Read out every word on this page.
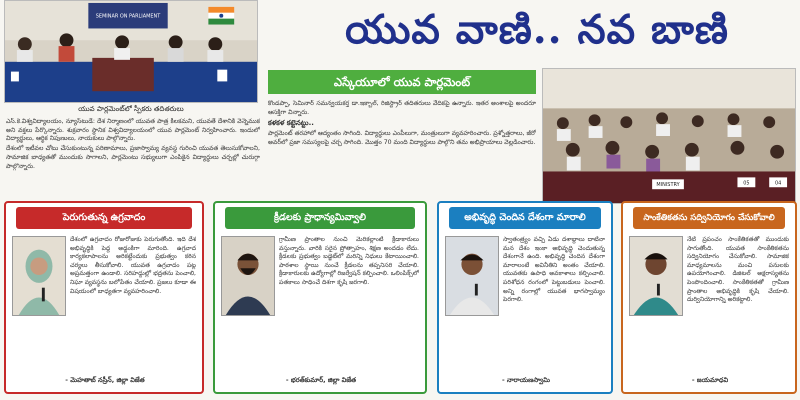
SEMINAR ON PARLIAMENT
యువ పార్లమెంట్‌లో స్పీకరు తదితరులు
యువ వాణి.. నవ బాణి
ఎస్కేయూలో యువ పార్లమెంట్
MINISTRY	05	04

ఎస్.కె.విశ్వవిద్యాలయం, న్యూస్‌టుడే: దేశ నిర్మాణంలో యువత పాత్ర కీలకమని, యువతే దేశానికి వెన్నెముక అని వక్తలు పేర్కొన్నారు. శుక్రవారం స్థానిక విశ్వవిద్యాలయంలో యువ పార్లమెంట్ నిర్వహించారు. ఇందులో విద్యార్థులు, ఆర్థిక నిపుణులు, నాయకులు పాల్గొన్నారు.

దేశంలో ఇటీవల చోటు చేసుకుంటున్న పరిణామాలు, ప్రజాస్వామ్య వ్యవస్థ గురించి యువత తెలుసుకోవాలని, సామాజిక బాధ్యతతో ముందుకు సాగాలని, పార్లమెంటు సభ్యులుగా ఎంపికైన విద్యార్థులు చర్చల్లో చురుగ్గా పాల్గొన్నారు.

కొండప్పా, సెమినార్ సమన్వయకర్త డా.ఇక్బాల్, రిజిస్ట్రార్ తదితరులు వేదికపై ఉన్నారు. ఇతర అంశాలపై అందరూ ఆసక్తిగా విన్నారు.

కళకళ కట్టెనట్టు..

పార్లమెంట్ తరహాలో ఆద్యంతం సాగింది. విద్యార్థులు ఎంపీలుగా, మంత్రులుగా వ్యవహరించారు. ప్రశ్నోత్తరాలు, జీరో అవర్‌లో ప్రజా సమస్యలపై చర్చ సాగింది. మొత్తం 70 మంది విద్యార్థులు పాల్గొని తమ అభిప్రాయాలు వెల్లడించారు.

పెరుగుతున్న ఉగ్రవాదం
దేశంలో ఉగ్రవాదం రోజురోజుకు పెరుగుతోంది. ఇది దేశ అభివృద్ధికి పెద్ద అడ్డంకిగా మారింది. ఉగ్రవాద కార్యకలాపాలను అరికట్టేందుకు ప్రభుత్వం కఠిన చర్యలు తీసుకోవాలి. యువత ఉగ్రవాదం పట్ల అప్రమత్తంగా ఉండాలి. సరిహద్దుల్లో భద్రతను పెంచాలి, నిఘా వ్యవస్థను బలోపేతం చేయాలి. ప్రజలు కూడా ఈ విషయంలో బాధ్యతగా వ్యవహరించాలి.
- మెహతాబ్ నస్రీన్, జిల్లా విజేత
క్రీడలకు ప్రాధాన్యమివ్వాలి
గ్రామీణ ప్రాంతాల నుంచి మెరికల్లాంటి క్రీడాకారులు వస్తున్నారు. వారికి సరైన ప్రోత్సాహం, శిక్షణ అందడం లేదు. క్రీడలకు ప్రభుత్వం బడ్జెట్‌లో మరిన్ని నిధులు కేటాయించాలి. పాఠశాల స్థాయి నుంచే క్రీడలను తప్పనిసరి చేయాలి. క్రీడాకారులకు ఉద్యోగాల్లో రిజర్వేషన్ కల్పించాలి. ఒలింపిక్స్‌లో పతకాలు సాధించే దిశగా కృషి జరగాలి.
- భరత్‌కుమార్, జిల్లా విజేత
అభివృద్ధి చెందిన దేశంగా మారాలి
స్వాతంత్ర్యం వచ్చి ఏడు దశాబ్దాలు దాటినా మన దేశం ఇంకా అభివృద్ధి చెందుతున్న దేశంగానే ఉంది. అభివృద్ధి చెందిన దేశంగా మారాలంటే అవినీతిని అంతం చేయాలి. యువతకు ఉపాధి అవకాశాలు కల్పించాలి. పరిశోధన రంగంలో పెట్టుబడులు పెంచాలి. అన్ని రంగాల్లో యువత భాగస్వామ్యం పెరగాలి.
- నారాయణస్వామి
సాంకేతికతను సద్వినియోగం చేసుకోవాలి
నేటి ప్రపంచం సాంకేతికతతో ముందుకు సాగుతోంది. యువత సాంకేతికతను సద్వినియోగం చేసుకోవాలి. సామాజిక మాధ్యమాలను మంచి పనులకు ఉపయోగించాలి. డిజిటల్ అక్షరాస్యతను పెంపొందించాలి. సాంకేతికతతో గ్రామీణ ప్రాంతాల అభివృద్ధికి కృషి చేయాలి. దుర్వినియోగాన్ని అరికట్టాలి.
- జయమాధవి
